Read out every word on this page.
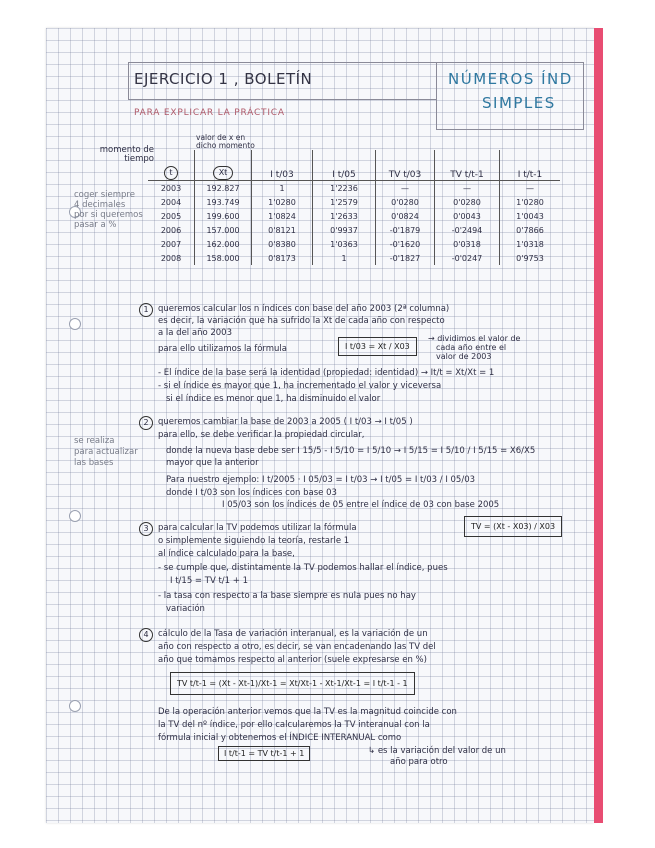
EJERCICIO 1 , BOLETÍN	NÚMEROS ÍND
SIMPLES
PARA EXPLICAR LA PRÁCTICA
momento de tiempo
valor de x en dicho momento
t	Xt	I t/03	I t/05	TV t/03	TV t/t-1	I t/t-1
2003	192.827	1	1'2236	—	—	—
2004	193.749	1'0280	1'2579	0'0280	0'0280	1'0280
2005	199.600	1'0824	1'2633	0'0824	0'0043	1'0043
2006	157.000	0'8121	0'9937	-0'1879	-0'2494	0'7866
2007	162.000	0'8380	1'0363	-0'1620	0'0318	1'0318
2008	158.000	0'8173	1	-0'1827	-0'0247	0'9753
coger siempre
4 decimales
por si queremos
pasar a %
se realiza
para actualizar
las bases
1	queremos calcular los n índices con base del año 2003 (2ª columna)
es decir, la variación que ha sufrido la Xt de cada año con respecto
a la del año 2003
para ello utilizamos la fórmula	I t/03 = Xt / X03
→ dividimos el valor de
cada año entre el
valor de 2003
- El índice de la base será la identidad (propiedad: identidad) → It/t = Xt/Xt = 1
- si el índice es mayor que 1, ha incrementado el valor y viceversa
si el índice es menor que 1, ha disminuido el valor
2	queremos cambiar la base de 2003 a 2005 ( I t/03 → I t/05 )
para ello, se debe verificar la propiedad circular,
donde la nueva base debe ser I 15/5 - I 5/10 = I 5/10 → I 5/15 = I 5/10 / I 5/15 = X6/X5
mayor que la anterior
Para nuestro ejemplo: I t/2005 · I 05/03 = I t/03 → I t/05 = I t/03 / I 05/03
donde I t/03 son los índices con base 03
I 05/03 son los índices de 05 entre el índice de 03 con base 2005
3	para calcular la TV podemos utilizar la fórmula	TV = (Xt - X03) / X03
o simplemente siguiendo la teoría, restarle 1
al índice calculado para la base,
- se cumple que, distintamente la TV podemos hallar el índice, pues
I t/15 = TV t/1 + 1
- la tasa con respecto a la base siempre es nula pues no hay
variación
4	cálculo de la Tasa de variación interanual, es la variación de un
año con respecto a otro, es decir, se van encadenando las TV del
año que tomamos respecto al anterior (suele expresarse en %)
TV t/t-1 = (Xt - Xt-1)/Xt-1 = Xt/Xt-1 - Xt-1/Xt-1 = I t/t-1 - 1
De la operación anterior vemos que la TV es la magnitud coincide con
la TV del nº índice, por ello calcularemos la TV interanual con la
fórmula inicial y obtenemos el ÍNDICE INTERANUAL como
I t/t-1 = TV t/t-1 + 1	↳ es la variación del valor de un
año para otro
